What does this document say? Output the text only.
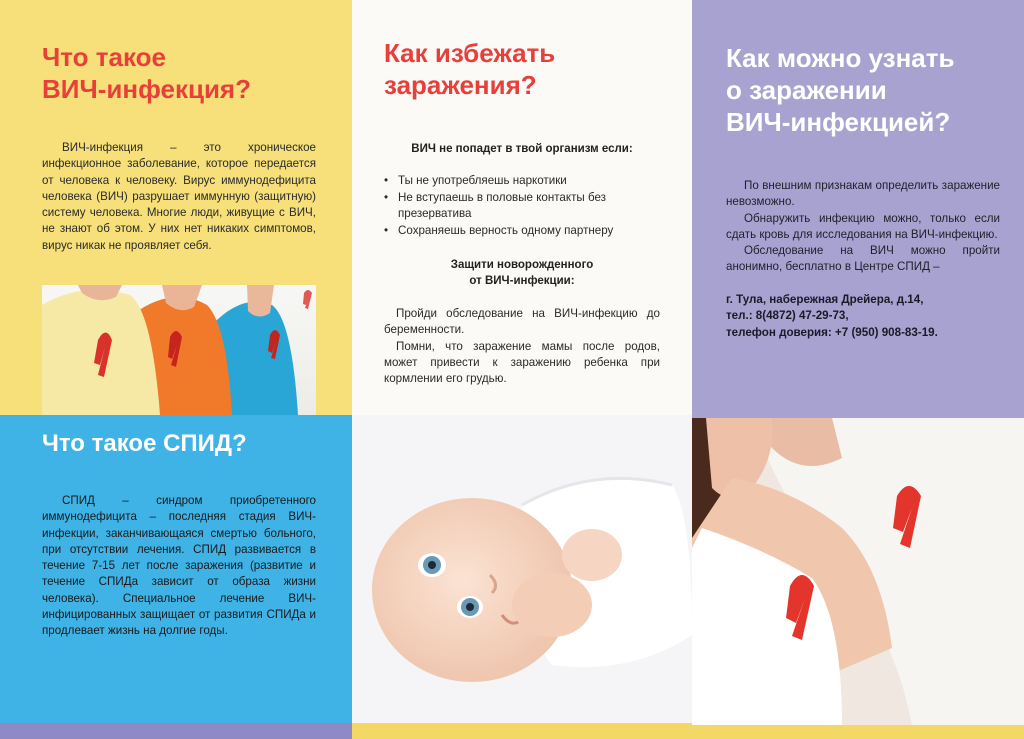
Что такое
ВИЧ-инфекция?

ВИЧ-инфекция – это хроническое инфекционное заболевание, которое передается от человека к человеку. Вирус иммунодефицита человека (ВИЧ) разрушает иммунную (защитную) систему человека. Многие люди, живущие с ВИЧ, не знают об этом. У них нет никаких симптомов, вирус никак не проявляет себя.

Как избежать
заражения?

ВИЧ не попадет в твой организм если:

• Ты не употребляешь наркотики
• Не вступаешь в половые контакты без презерватива
• Сохраняешь верность одному партнеру

Защити новорожденного
от ВИЧ-инфекции:

Пройди обследование на ВИЧ-инфекцию до беременности.

Помни, что заражение мамы после родов, может привести к заражению ребенка при кормлении его грудью.

Как можно узнать
о заражении
ВИЧ-инфекцией?

По внешним признакам определить заражение невозможно.

Обнаружить инфекцию можно, только если сдать кровь для исследования на ВИЧ-инфекцию.

Обследование на ВИЧ можно пройти анонимно, бесплатно в Центре СПИД –

г. Тула, набережная Дрейера, д.14,
тел.: 8(4872) 47-29-73,
телефон доверия: +7 (950) 908-83-19.
Что такое СПИД?

СПИД – синдром приобретенного иммунодефицита – последняя стадия ВИЧ-инфекции, заканчивающаяся смертью больного, при отсутствии лечения. СПИД развивается в течение 7-15 лет после заражения (развитие и течение СПИДа зависит от образа жизни человека). Специальное лечение ВИЧ-инфицированных защищает от развития СПИДа и продлевает жизнь на долгие годы.
